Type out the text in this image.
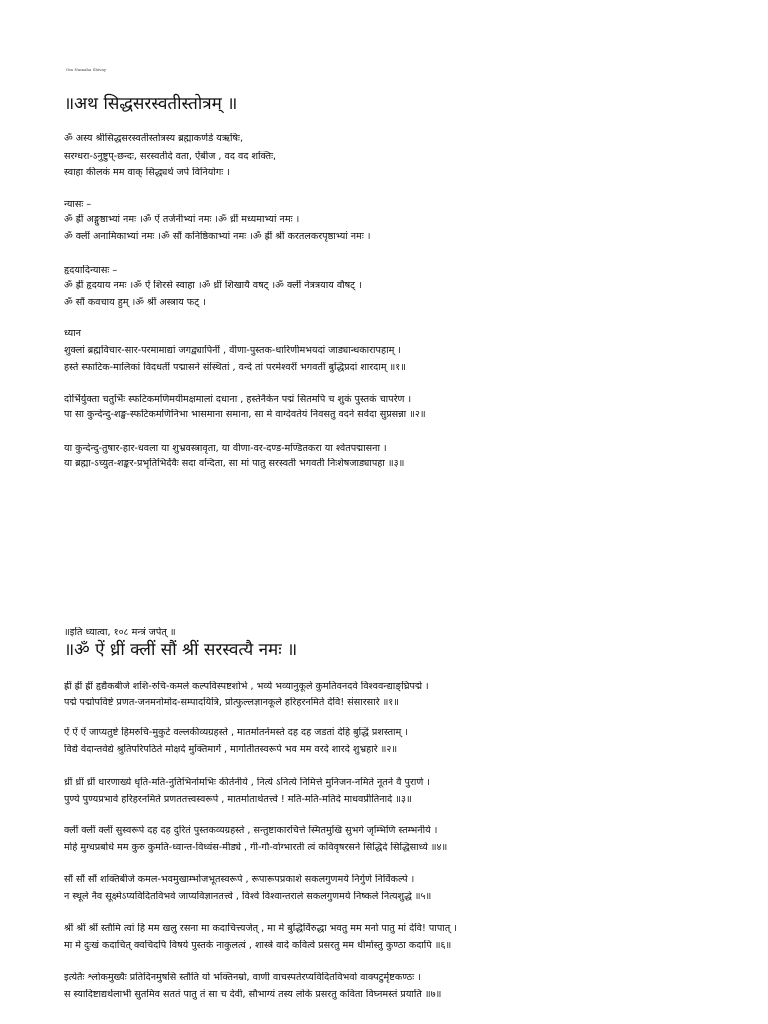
Om Namaha Shivay
॥अथ सिद्धसरस्वतीस्तोत्रम् ॥
ॐ अस्य श्रीसिद्धसरस्वतीस्तोत्रस्य ब्रह्माकर्णडे यऋषिः,
सरग्धरा-ऽनुष्टुप्-छन्दः, सरस्वतीदे वता, ऐंबीज , वद वद शक्तिः,
स्वाहा कीलकं मम वाक् सिद्ध्यर्थ जपे विनियोगः ।
न्यासः –
ॐ ह्रीं अङ्गुष्ठाभ्यां नमः ।ॐ ऐं तर्जनीभ्यां नमः ।ॐ ध्रीं मध्यमाभ्यां नमः ।
ॐ क्लीं अनामिकाभ्यां नमः ।ॐ सौं कनिष्ठिकाभ्यां नमः ।ॐ ह्रीं श्रीं करतलकरपृष्ठाभ्यां नमः ।
हृदयादिन्यासः –
ॐ ह्रीं हृदयाय नमः ।ॐ ऐं शिरसे स्वाहा ।ॐ ध्रीं शिखायै वषट् ।ॐ क्लीं नेत्रत्रयाय वौषट् ।
ॐ सौं कवचाय हुम् ।ॐ श्रीं अस्त्राय फट् ।
ध्यान
शुक्लां ब्रह्मविचार-सार-परमामाद्यां जगद्व्यापिनीं , वीणा-पुस्तक-धारिणीमभयदां जाड्यान्धकारापहाम् ।
हस्ते स्फाटिक-मालिकां विदधतीं पद्मासने संस्थितां , वन्दे तां परमेश्वरीं भगवतीं बुद्धिप्रदां शारदाम् ॥१॥
दोर्भिर्युक्ता चतुर्भिः स्फटिकमणिमयीमक्षमालां दधाना , हस्तेनैकेन पद्मं सितमपि च शुकं पुस्तकं चापरेण ।
पा सा कुन्देन्दु-शङ्ख-स्फटिकमणिनिभा भासमाना समाना, सा मे वाग्देवतेयं निवसतु वदने सर्वदा सुप्रसन्ना ॥२॥
या कुन्देन्दु-तुषार-हार-धवला या शुभ्रवस्त्रावृता, या वीणा-वर-दण्ड-मण्डितकरा या श्वेतपद्मासना ।
या ब्रह्मा-ऽच्युत-शङ्कर-प्रभृतिभिर्देवैः सदा वन्दिता, सा मां पातु सरस्वती भगवती निःशेषजाड्यापहा ॥३॥
॥इति ध्यात्वा, १०८ मन्त्रं जपेत् ॥
॥ॐ ऐं ध्रीं क्लीं सौं श्रीं सरस्वत्यै नमः ॥
ह्रीं ह्रीं ह्रीं हृद्यैकबीजे शशि-रुचि-कमले कल्पविस्पष्टशोभे , भव्ये भव्यानुकूले कुमतिवनदवे विश्ववन्द्याङ्घ्रिपद्मे ।
पद्मे पद्मोपविष्टे प्रणत-जनमनोमोद-सम्पादयित्रि, प्रोत्फुल्लज्ञानकूले हरिहरनमिते देवि! संसारसारे ॥१॥
ऐं ऐं ऐं जाप्यतुष्टे हिमरुचि-मुकुटे वल्लकीव्यग्रहस्ते , मातर्मातर्नमस्ते दह दह जडतां देहि बुद्धिं प्रशस्ताम् ।
विद्ये वेदान्तवेद्ये श्रुतिपरिपठिते मोक्षदे मुक्तिमार्गे , मार्गातीतस्वरूपे भव मम वरदे शारदे शुभ्रहारे ॥२॥
ध्रीं ध्रीं ध्रीं धारणाख्ये धृति-मति-नुतिभिर्नामभिः कीर्तनीये , नित्ये ऽनित्ये निमित्ते मुनिजन-नमिते नूतने वै पुराणे ।
पुण्ये पुण्यप्रभावे हरिहरनमिते प्रणततत्त्वस्वरूपे , मातर्मातार्थतत्त्वे ! मति-मति-मतिदे माधवप्रीतिनादे ॥३॥
क्लीं क्लीं क्लीं सुस्वरूपे दह दह दुरितं पुस्तकव्यग्रहस्ते , सन्तुष्टाकारचित्ते स्मितमुखि सुभगे जृम्भिणि स्तम्भनीये ।
मोहे मुग्धप्रबोधे मम कुरु कुमति-ध्वान्त-विध्वंस-मीड्ये , गी-गौ-र्वाग्भारती त्वं कविवृषरसने सिद्धिदे सिद्धिसाध्ये ॥४॥
सौं सौं सौं शक्तिबीजे कमल-भवमुखाम्भोजभूतस्वरूपे , रूपारूपप्रकाशे सकलगुणमये निर्गुणे निर्विकल्पे ।
न स्थूले नैव सूक्ष्मेऽप्यविदितविभवे जाप्यविज्ञानतत्त्वे , विश्वे विश्वान्तराले सकलगुणमये निष्कले नित्यशुद्धे ॥५॥
श्रीं श्रीं श्रीं स्तौमि त्वां हि मम खलु रसना मा कदाचित्त्यजेत् , मा मे बुद्धिर्विरुद्धा भवतु मम मनो पातु मां देवि! पापात् ।
मा मे दुःखं कदाचित् क्वचिदपि विषये पुस्तके नाकुलत्वं , शास्त्रे वादे कवित्वे प्रसरतु मम धीर्मास्तु कुण्ठा कदापि ॥६॥
इत्येतैः श्लोकमुख्यैः प्रतिदिनमुषसि स्तौति यो भक्तिनम्रो, वाणी वाचस्पतेरप्यविदितविभवो वाक्पटुर्मृष्टकण्ठः ।
स स्यादिष्टाद्यर्थलाभी सुतमिव सततं पातु तं सा च देवी, सौभाग्यं तस्य लोके प्रसरतु कविता विघ्नमस्तं प्रयाति ॥७॥
